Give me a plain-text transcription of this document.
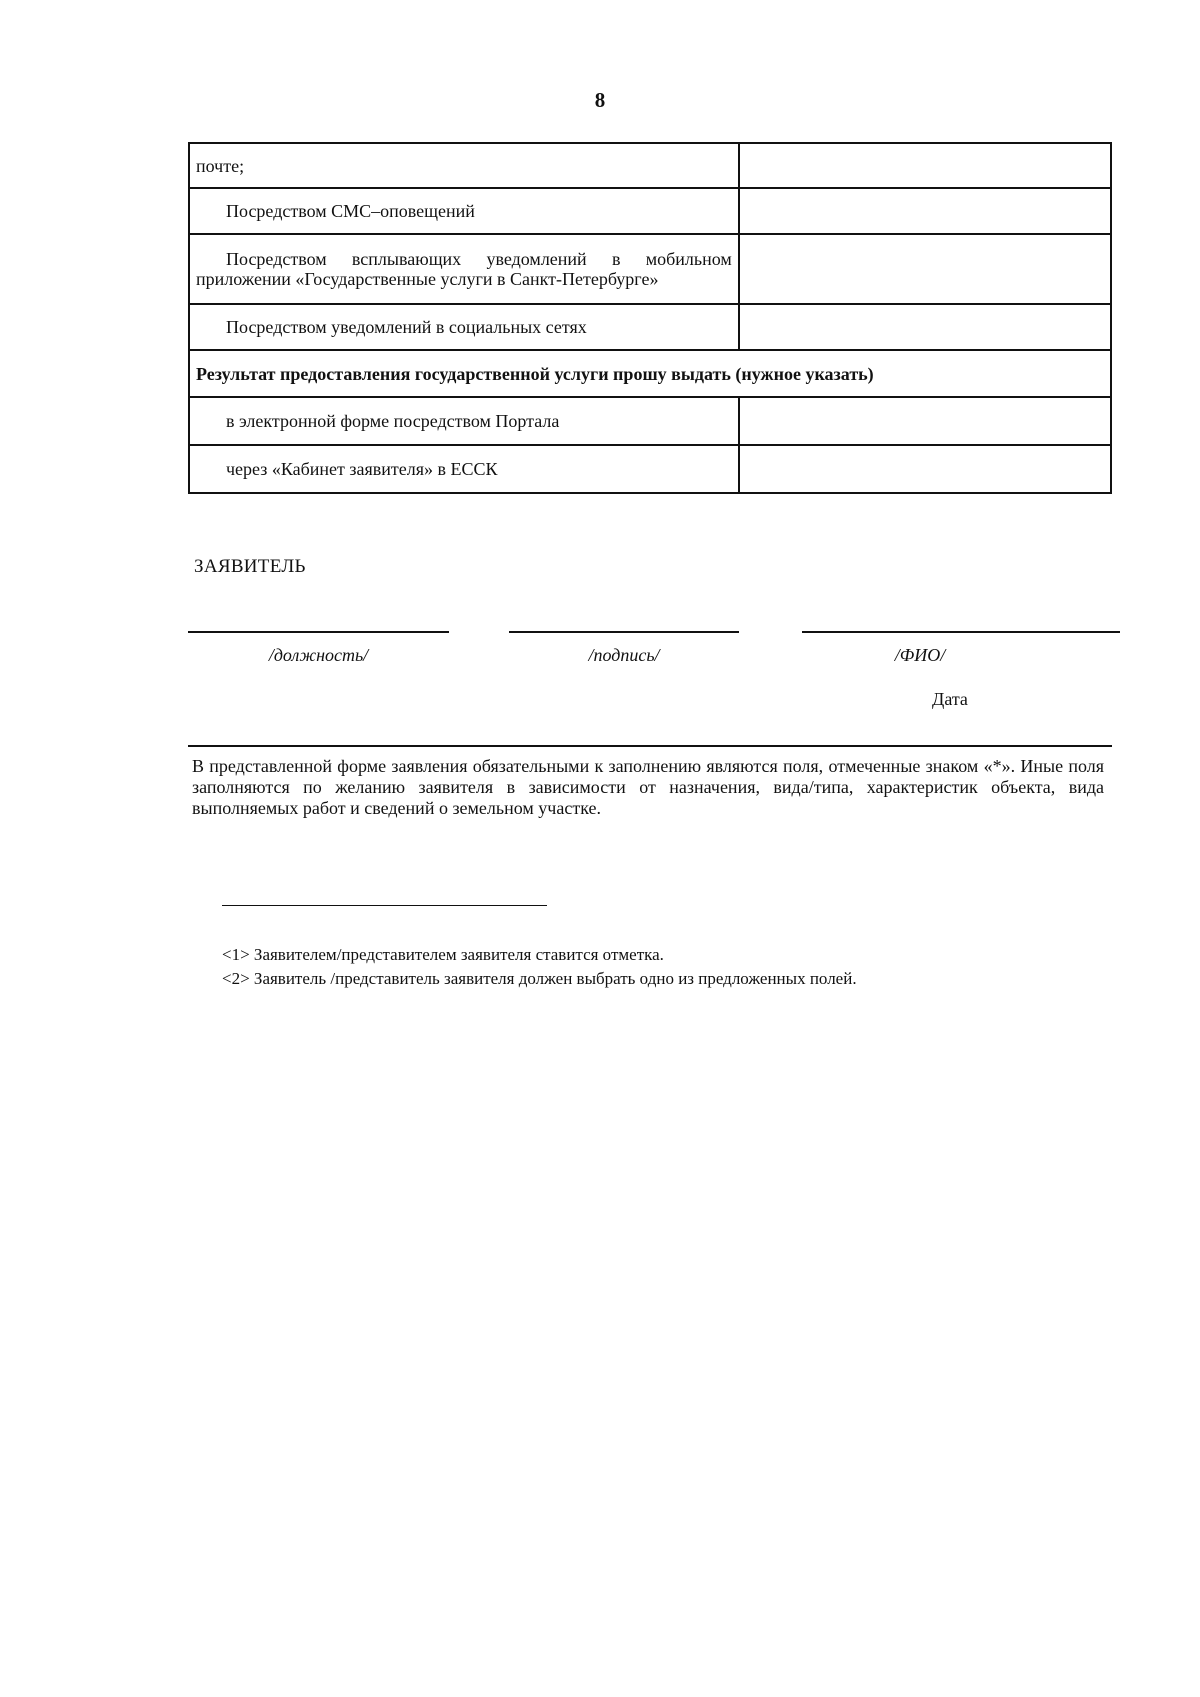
8
почте;	
Посредством СМС–оповещений	
Посредством всплывающих уведомлений в мобильном приложении «Государственные услуги в Санкт-Петербурге»	
Посредством уведомлений в социальных сетях	
Результат предоставления государственной услуги прошу выдать (нужное указать)	
в электронной форме посредством Портала	
через «Кабинет заявителя» в ЕССК	
ЗАЯВИТЕЛЬ
/должность/	/подпись/	/ФИО/
Дата
В представленной форме заявления обязательными к заполнению являются поля, отмеченные знаком «*». Иные поля заполняются по желанию заявителя в зависимости от назначения, вида/типа, характеристик объекта, вида выполняемых работ и сведений о земельном участке.
<1> Заявителем/представителем заявителя ставится отметка.
<2> Заявитель /представитель заявителя должен выбрать одно из предложенных полей.
